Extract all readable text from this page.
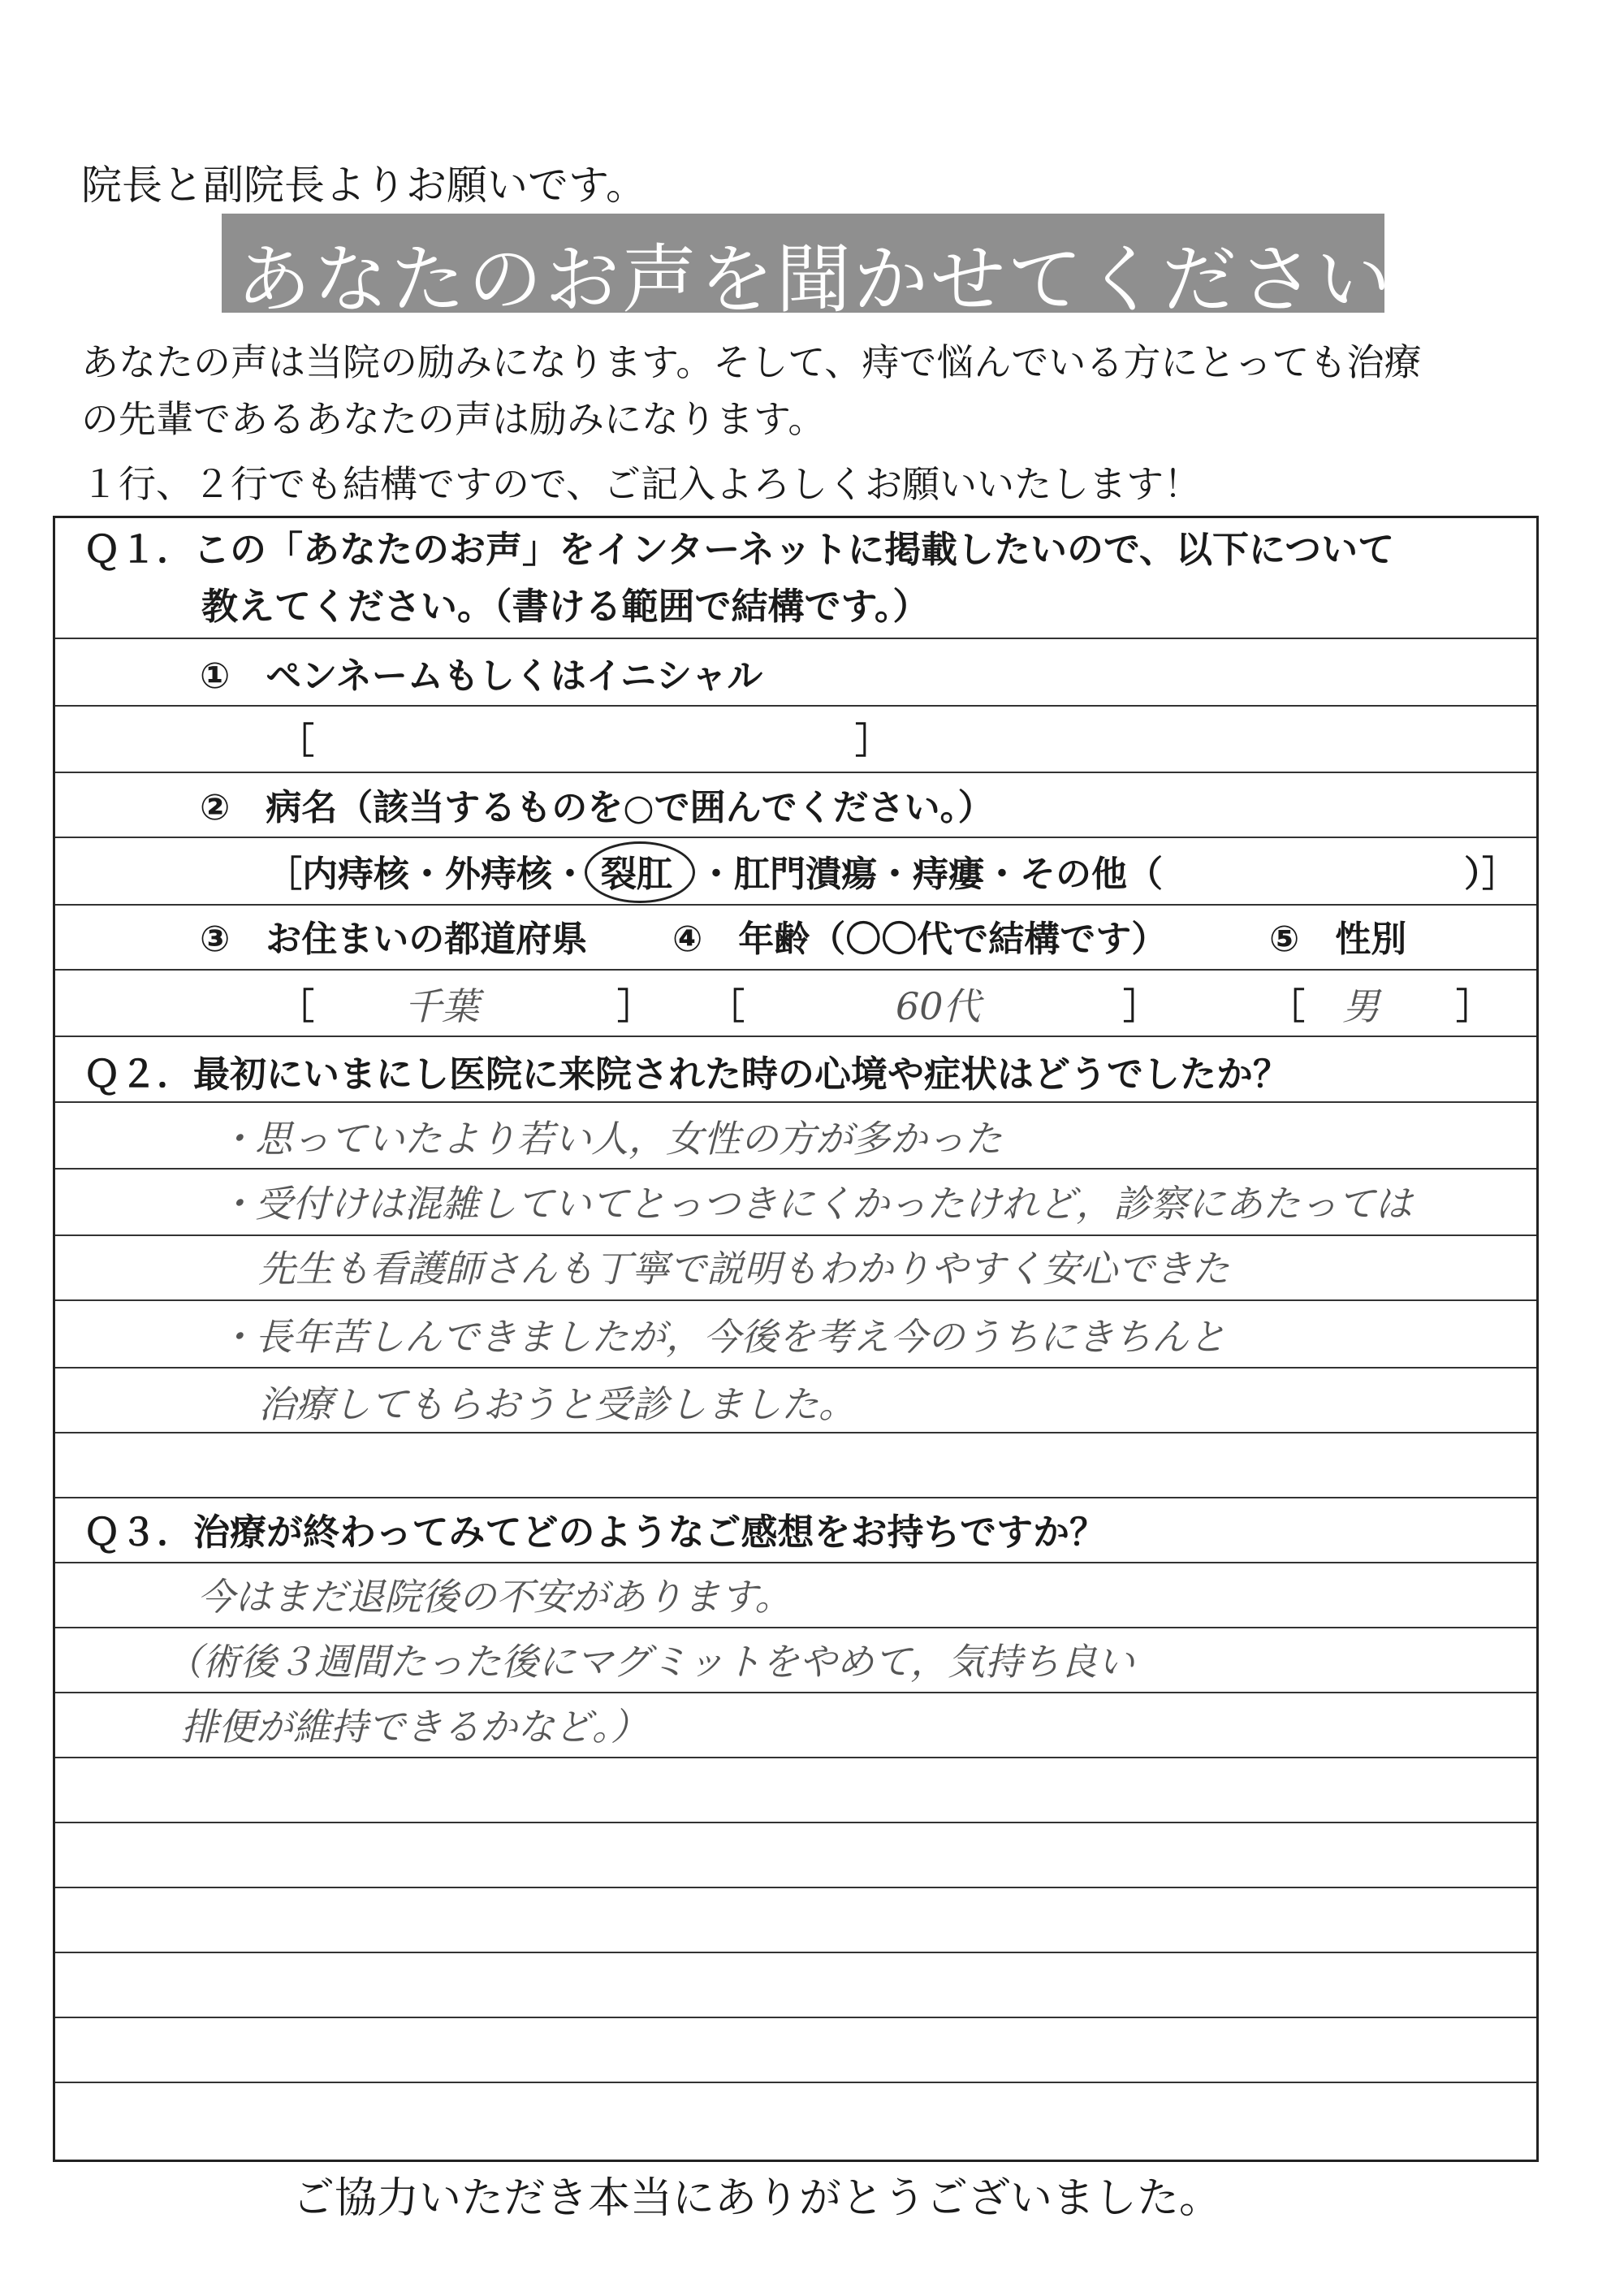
院長と副院長よりお願いです。
あなたのお声を聞かせてください！
あなたの声は当院の励みになります。そして、痔で悩んでいる方にとっても治療
の先輩であるあなたの声は励みになります。
１行、２行でも結構ですので、ご記入よろしくお願いいたします！
Ｑ１．この「あなたのお声」をインターネットに掲載したいので、以下について
教えてください。（書ける範囲で結構です。）
①　ペンネームもしくはイニシャル
［	］
②　病名（該当するものを○で囲んでください。）
［内痔核・外痔核・ 裂肛 ・肛門潰瘍・痔瘻・その他（	）］
③　お住まいの都道府県 ④　年齢（〇〇代で結構です）	⑤　性別
［ 千葉	］ ［	60代	］	［ 男 ］
Ｑ２．最初にいまにし医院に来院された時の心境や症状はどうでしたか？
・思っていたより若い人，女性の方が多かった
・受付けは混雑していてとっつきにくかったけれど，診察にあたっては
先生も看護師さんも丁寧で説明もわかりやすく安心できた
・長年苦しんできましたが，今後を考え今のうちにきちんと
治療してもらおうと受診しました。
Ｑ３．治療が終わってみてどのようなご感想をお持ちですか？
今はまだ退院後の不安があります。
（術後３週間たった後にマグミットをやめて，気持ち良い
排便が維持できるかなど。）
ご協力いただき本当にありがとうございました。
